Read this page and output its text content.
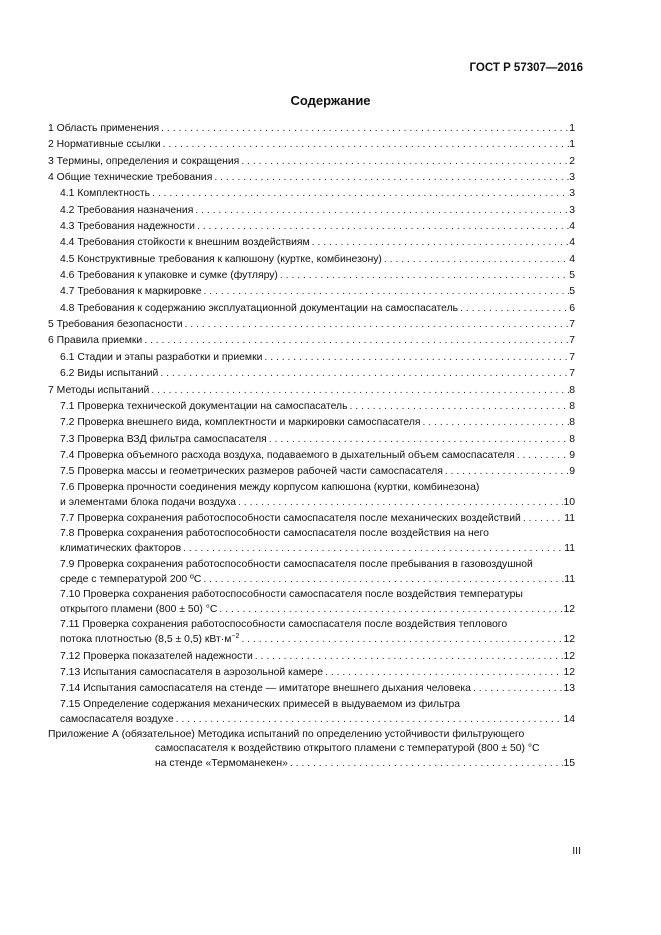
ГОСТ Р 57307—2016
Содержание
1 Область применения . . .	1
2 Нормативные ссылки . . .	1
3 Термины, определения и сокращения . . .	2
4 Общие технические требования . . .	3
4.1 Комплектность . . .	3
4.2 Требования назначения . . .	3
4.3 Требования надежности . . .	4
4.4 Требования стойкости к внешним воздействиям . . .	4
4.5 Конструктивные требования к капюшону (куртке, комбинезону) . . .	4
4.6 Требования к упаковке и сумке (футляру) . . .	5
4.7 Требования к маркировке . . .	5
4.8 Требования к содержанию эксплуатационной документации на самоспасатель . . .	6
5 Требования безопасности . . .	7
6 Правила приемки . . .	7
6.1 Стадии и этапы разработки и приемки . . .	7
6.2 Виды испытаний . . .	7
7 Методы испытаний . . .	8
7.1 Проверка технической документации на самоспасатель . . .	8
7.2 Проверка внешнего вида, комплектности и маркировки самоспасателя . . .	8
7.3 Проверка ВЗД фильтра самоспасателя . . .	8
7.4 Проверка объемного расхода воздуха, подаваемого в дыхательный объем самоспасателя . . .	9
7.5 Проверка массы и геометрических размеров рабочей части самоспасателя . . .	9
7.6 Проверка прочности соединения между корпусом капюшона (куртки, комбинезона)
и элементами блока подачи воздуха . . .	10
7.7 Проверка сохранения работоспособности самоспасателя после механических воздействий . . .	11
7.8 Проверка сохранения работоспособности самоспасателя после воздействия на него
климатических факторов . . .	11
7.9 Проверка сохранения работоспособности самоспасателя после пребывания в газовоздушной
среде с температурой 200 ºС . . .	11
7.10 Проверка сохранения работоспособности самоспасателя после воздействия температуры
открытого пламени (800 ± 50) °С . . .	12
7.11 Проверка сохранения работоспособности самоспасателя после воздействия теплового
потока плотностью (8,5 ± 0,5) $кВт\cdot м^{-2}$ . . .	12
7.12 Проверка показателей надежности . . .	12
7.13 Испытания самоспасателя в аэрозольной камере . . .	12
7.14 Испытания самоспасателя на стенде — имитаторе внешнего дыхания человека . . .	13
7.15 Определение содержания механических примесей в выдуваемом из фильтра
самоспасателя воздухе . . .	14
Приложение А (обязательное) Методика испытаний по определению устойчивости фильтрующего
самоспасателя к воздействию открытого пламени с температурой (800 ± 50) °С
на стенде «Термоманекен» . . .	15
III
